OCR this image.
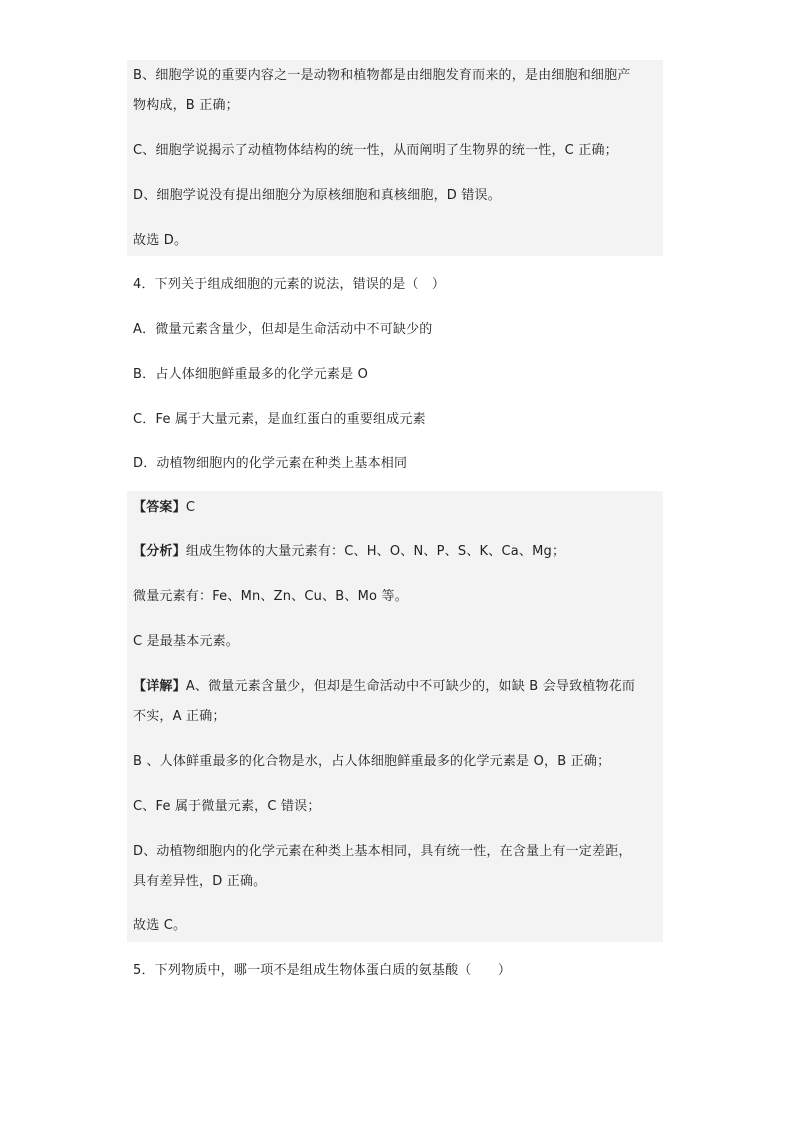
B、细胞学说的重要内容之一是动物和植物都是由细胞发育而来的，是由细胞和细胞产
物构成，B 正确；
C、细胞学说揭示了动植物体结构的统一性，从而阐明了生物界的统一性，C 正确；
D、细胞学说没有提出细胞分为原核细胞和真核细胞，D 错误。
故选 D。
4．下列关于组成细胞的元素的说法，错误的是（　）
A．微量元素含量少，但却是生命活动中不可缺少的
B．占人体细胞鲜重最多的化学元素是 O
C．Fe 属于大量元素，是血红蛋白的重要组成元素
D．动植物细胞内的化学元素在种类上基本相同
【答案】C
【分析】组成生物体的大量元素有：C、H、O、N、P、S、K、Ca、Mg；
微量元素有：Fe、Mn、Zn、Cu、B、Mo 等。
C 是最基本元素。
【详解】A、微量元素含量少，但却是生命活动中不可缺少的，如缺 B 会导致植物花而
不实，A 正确；
B 、人体鲜重最多的化合物是水，占人体细胞鲜重最多的化学元素是 O，B 正确；
C、Fe 属于微量元素，C 错误；
D、动植物细胞内的化学元素在种类上基本相同，具有统一性，在含量上有一定差距，
具有差异性，D 正确。
故选 C。
5．下列物质中，哪一项不是组成生物体蛋白质的氨基酸（　　）
